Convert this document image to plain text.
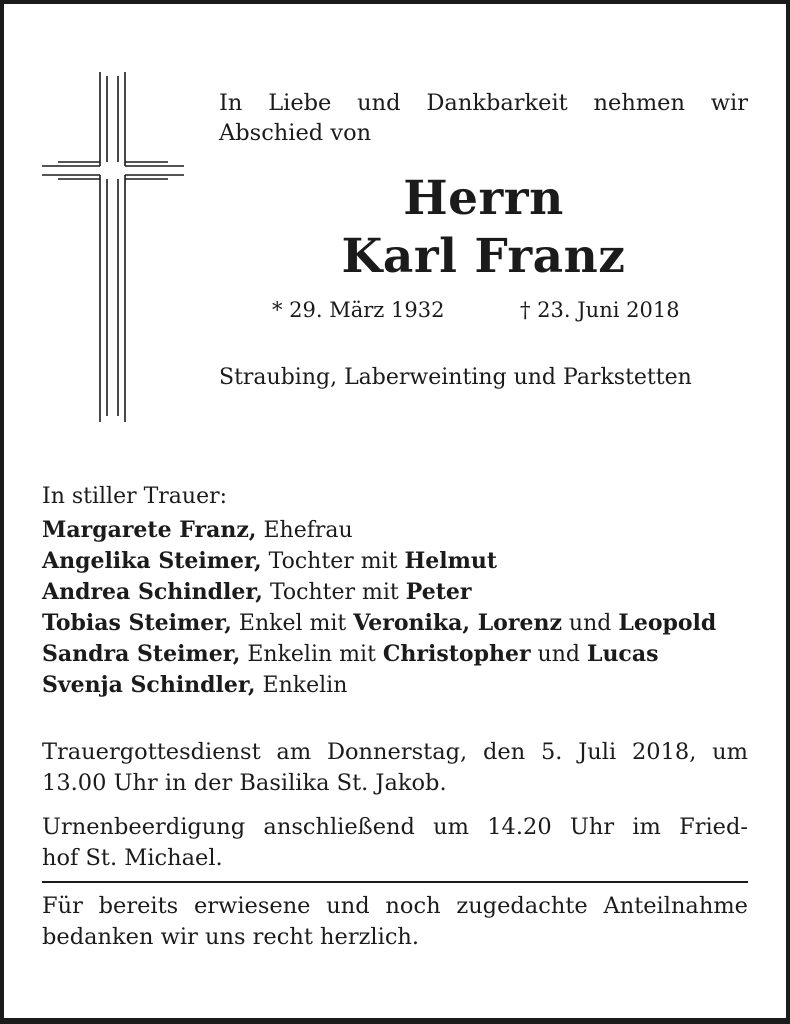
In Liebe und Dankbarkeit nehmen wir
Abschied von
Herrn
Karl Franz
* 29. März 1932	† 23. Juni 2018
Straubing, Laberweinting und Parkstetten
In stiller Trauer:
Margarete Franz, Ehefrau
Angelika Steimer, Tochter mit Helmut
Andrea Schindler, Tochter mit Peter
Tobias Steimer, Enkel mit Veronika, Lorenz und Leopold
Sandra Steimer, Enkelin mit Christopher und Lucas
Svenja Schindler, Enkelin
Trauergottesdienst am Donnerstag, den 5. Juli 2018, um
13.00 Uhr in der Basilika St. Jakob.
Urnenbeerdigung anschließend um 14.20 Uhr im Fried-
hof St. Michael.
Für bereits erwiesene und noch zugedachte Anteilnahme
bedanken wir uns recht herzlich.
